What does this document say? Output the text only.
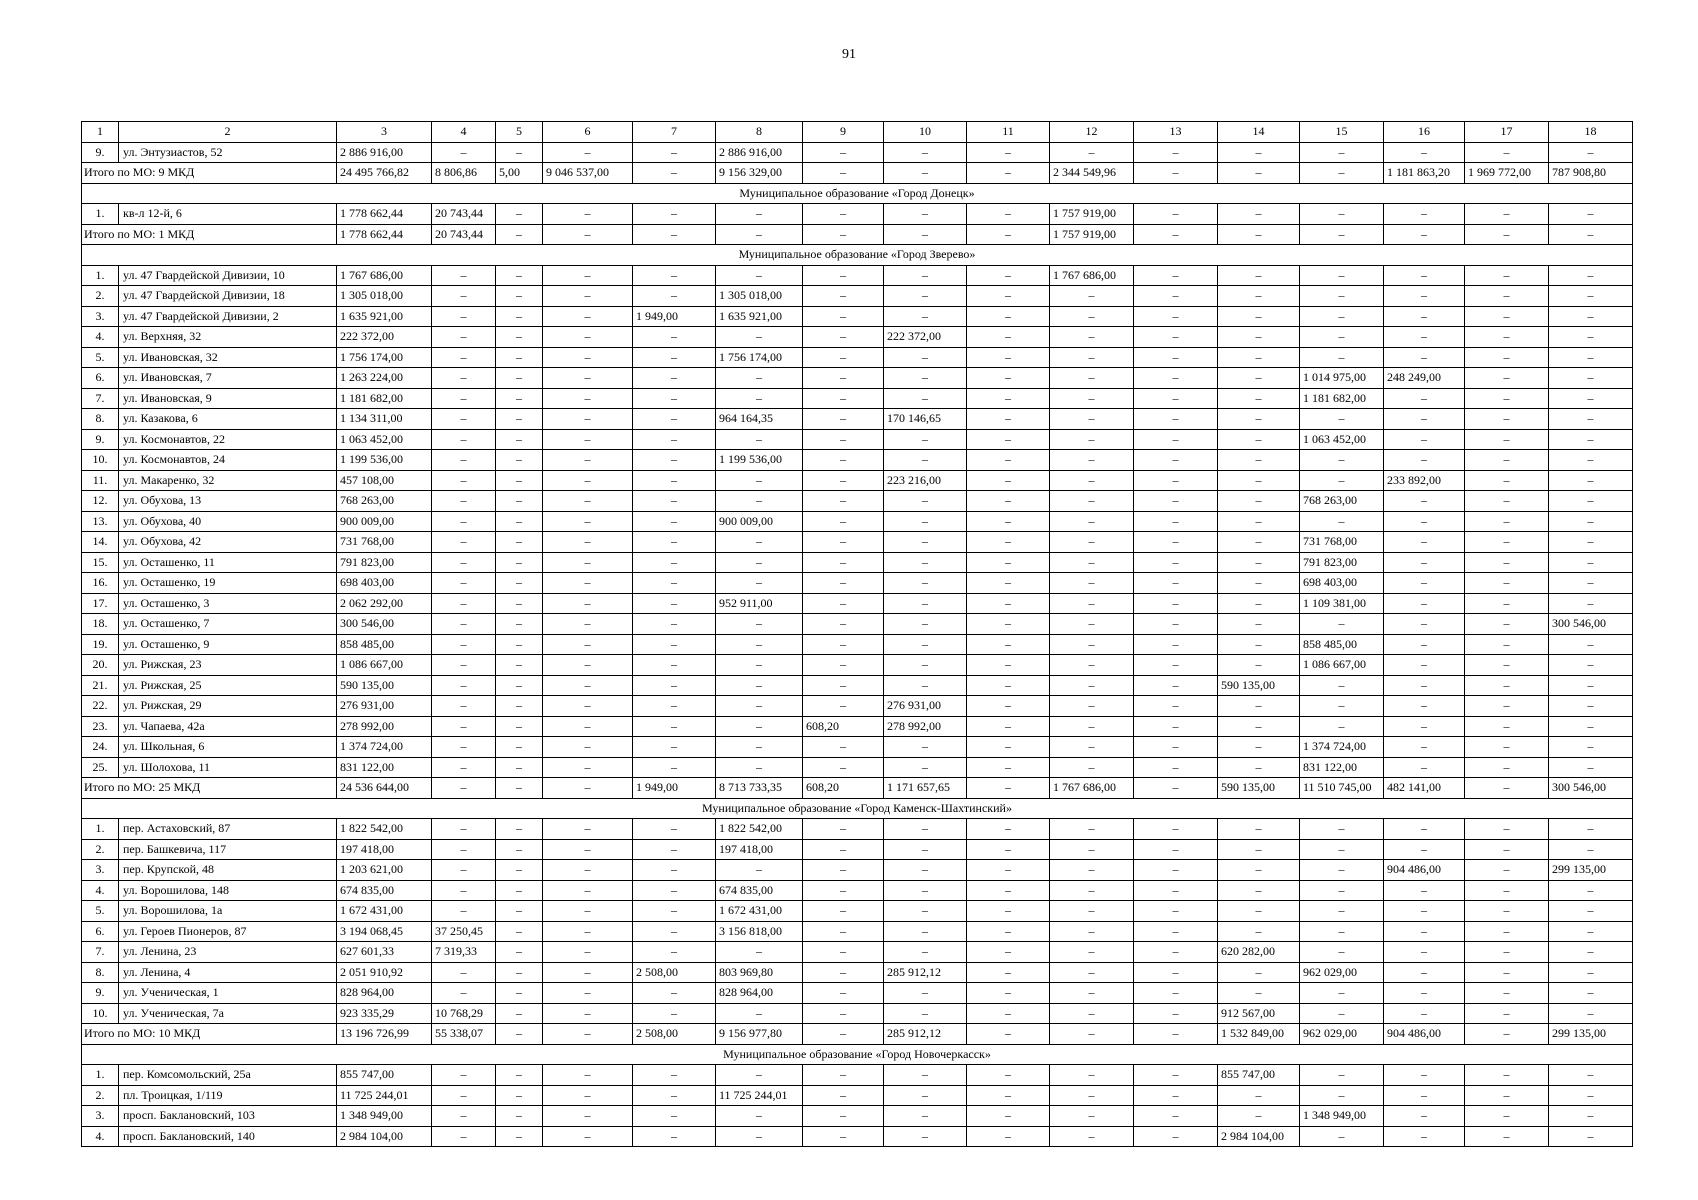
91
1	2	3	4	5	6	7	8	9	10	11	12	13	14	15	16	17	18
9.	ул. Энтузиастов, 52	2 886 916,00	–	–	–	–	2 886 916,00	–	–	–	–	–	–	–	–	–	–
Итого по МО: 9 МКД		24 495 766,82	8 806,86	5,00	9 046 537,00	–	9 156 329,00	–	–	–	2 344 549,96	–	–	–	1 181 863,20	1 969 772,00	787 908,80
Муниципальное образование «Город Донецк»																	
1.	кв-л 12-й, 6	1 778 662,44	20 743,44	–	–	–	–	–	–	–	1 757 919,00	–	–	–	–	–	–
Итого по МО: 1 МКД		1 778 662,44	20 743,44	–	–	–	–	–	–	–	1 757 919,00	–	–	–	–	–	–
Муниципальное образование «Город Зверево»																	
1.	ул. 47 Гвардейской Дивизии, 10	1 767 686,00	–	–	–	–	–	–	–	–	1 767 686,00	–	–	–	–	–	–
2.	ул. 47 Гвардейской Дивизии, 18	1 305 018,00	–	–	–	–	1 305 018,00	–	–	–	–	–	–	–	–	–	–
3.	ул. 47 Гвардейской Дивизии, 2	1 635 921,00	–	–	–	1 949,00	1 635 921,00	–	–	–	–	–	–	–	–	–	–
4.	ул. Верхняя, 32	222 372,00	–	–	–	–	–	–	222 372,00	–	–	–	–	–	–	–	–
5.	ул. Ивановская, 32	1 756 174,00	–	–	–	–	1 756 174,00	–	–	–	–	–	–	–	–	–	–
6.	ул. Ивановская, 7	1 263 224,00	–	–	–	–	–	–	–	–	–	–	–	1 014 975,00	248 249,00	–	–
7.	ул. Ивановская, 9	1 181 682,00	–	–	–	–	–	–	–	–	–	–	–	1 181 682,00	–	–	–
8.	ул. Казакова, 6	1 134 311,00	–	–	–	–	964 164,35	–	170 146,65	–	–	–	–	–	–	–	–
9.	ул. Космонавтов, 22	1 063 452,00	–	–	–	–	–	–	–	–	–	–	–	1 063 452,00	–	–	–
10.	ул. Космонавтов, 24	1 199 536,00	–	–	–	–	1 199 536,00	–	–	–	–	–	–	–	–	–	–
11.	ул. Макаренко, 32	457 108,00	–	–	–	–	–	–	223 216,00	–	–	–	–	–	233 892,00	–	–
12.	ул. Обухова, 13	768 263,00	–	–	–	–	–	–	–	–	–	–	–	768 263,00	–	–	–
13.	ул. Обухова, 40	900 009,00	–	–	–	–	900 009,00	–	–	–	–	–	–	–	–	–	–
14.	ул. Обухова, 42	731 768,00	–	–	–	–	–	–	–	–	–	–	–	731 768,00	–	–	–
15.	ул. Осташенко, 11	791 823,00	–	–	–	–	–	–	–	–	–	–	–	791 823,00	–	–	–
16.	ул. Осташенко, 19	698 403,00	–	–	–	–	–	–	–	–	–	–	–	698 403,00	–	–	–
17.	ул. Осташенко, 3	2 062 292,00	–	–	–	–	952 911,00	–	–	–	–	–	–	1 109 381,00	–	–	–
18.	ул. Осташенко, 7	300 546,00	–	–	–	–	–	–	–	–	–	–	–	–	–	–	300 546,00
19.	ул. Осташенко, 9	858 485,00	–	–	–	–	–	–	–	–	–	–	–	858 485,00	–	–	–
20.	ул. Рижская, 23	1 086 667,00	–	–	–	–	–	–	–	–	–	–	–	1 086 667,00	–	–	–
21.	ул. Рижская, 25	590 135,00	–	–	–	–	–	–	–	–	–	–	590 135,00	–	–	–	–
22.	ул. Рижская, 29	276 931,00	–	–	–	–	–	–	276 931,00	–	–	–	–	–	–	–	–
23.	ул. Чапаева, 42а	278 992,00	–	–	–	–	–	608,20	278 992,00	–	–	–	–	–	–	–	–
24.	ул. Школьная, 6	1 374 724,00	–	–	–	–	–	–	–	–	–	–	–	1 374 724,00	–	–	–
25.	ул. Шолохова, 11	831 122,00	–	–	–	–	–	–	–	–	–	–	–	831 122,00	–	–	–
Итого по МО: 25 МКД		24 536 644,00	–	–	–	1 949,00	8 713 733,35	608,20	1 171 657,65	–	1 767 686,00	–	590 135,00	11 510 745,00	482 141,00	–	300 546,00
Муниципальное образование «Город Каменск-Шахтинский»																	
1.	пер. Астаховский, 87	1 822 542,00	–	–	–	–	1 822 542,00	–	–	–	–	–	–	–	–	–	–
2.	пер. Башкевича, 117	197 418,00	–	–	–	–	197 418,00	–	–	–	–	–	–	–	–	–	–
3.	пер. Крупской, 48	1 203 621,00	–	–	–	–	–	–	–	–	–	–	–	–	904 486,00	–	299 135,00
4.	ул. Ворошилова, 148	674 835,00	–	–	–	–	674 835,00	–	–	–	–	–	–	–	–	–	–
5.	ул. Ворошилова, 1а	1 672 431,00	–	–	–	–	1 672 431,00	–	–	–	–	–	–	–	–	–	–
6.	ул. Героев Пионеров, 87	3 194 068,45	37 250,45	–	–	–	3 156 818,00	–	–	–	–	–	–	–	–	–	–
7.	ул. Ленина, 23	627 601,33	7 319,33	–	–	–	–	–	–	–	–	–	620 282,00	–	–	–	–
8.	ул. Ленина, 4	2 051 910,92	–	–	–	2 508,00	803 969,80	–	285 912,12	–	–	–	–	962 029,00	–	–	–
9.	ул. Ученическая, 1	828 964,00	–	–	–	–	828 964,00	–	–	–	–	–	–	–	–	–	–
10.	ул. Ученическая, 7а	923 335,29	10 768,29	–	–	–	–	–	–	–	–	–	912 567,00	–	–	–	–
Итого по МО: 10 МКД		13 196 726,99	55 338,07	–	–	2 508,00	9 156 977,80	–	285 912,12	–	–	–	1 532 849,00	962 029,00	904 486,00	–	299 135,00
Муниципальное образование «Город Новочеркасск»																	
1.	пер. Комсомольский, 25а	855 747,00	–	–	–	–	–	–	–	–	–	–	855 747,00	–	–	–	–
2.	пл. Троицкая, 1/119	11 725 244,01	–	–	–	–	11 725 244,01	–	–	–	–	–	–	–	–	–	–
3.	просп. Баклановский, 103	1 348 949,00	–	–	–	–	–	–	–	–	–	–	–	1 348 949,00	–	–	–
4.	просп. Баклановский, 140	2 984 104,00	–	–	–	–	–	–	–	–	–	–	2 984 104,00	–	–	–	–
